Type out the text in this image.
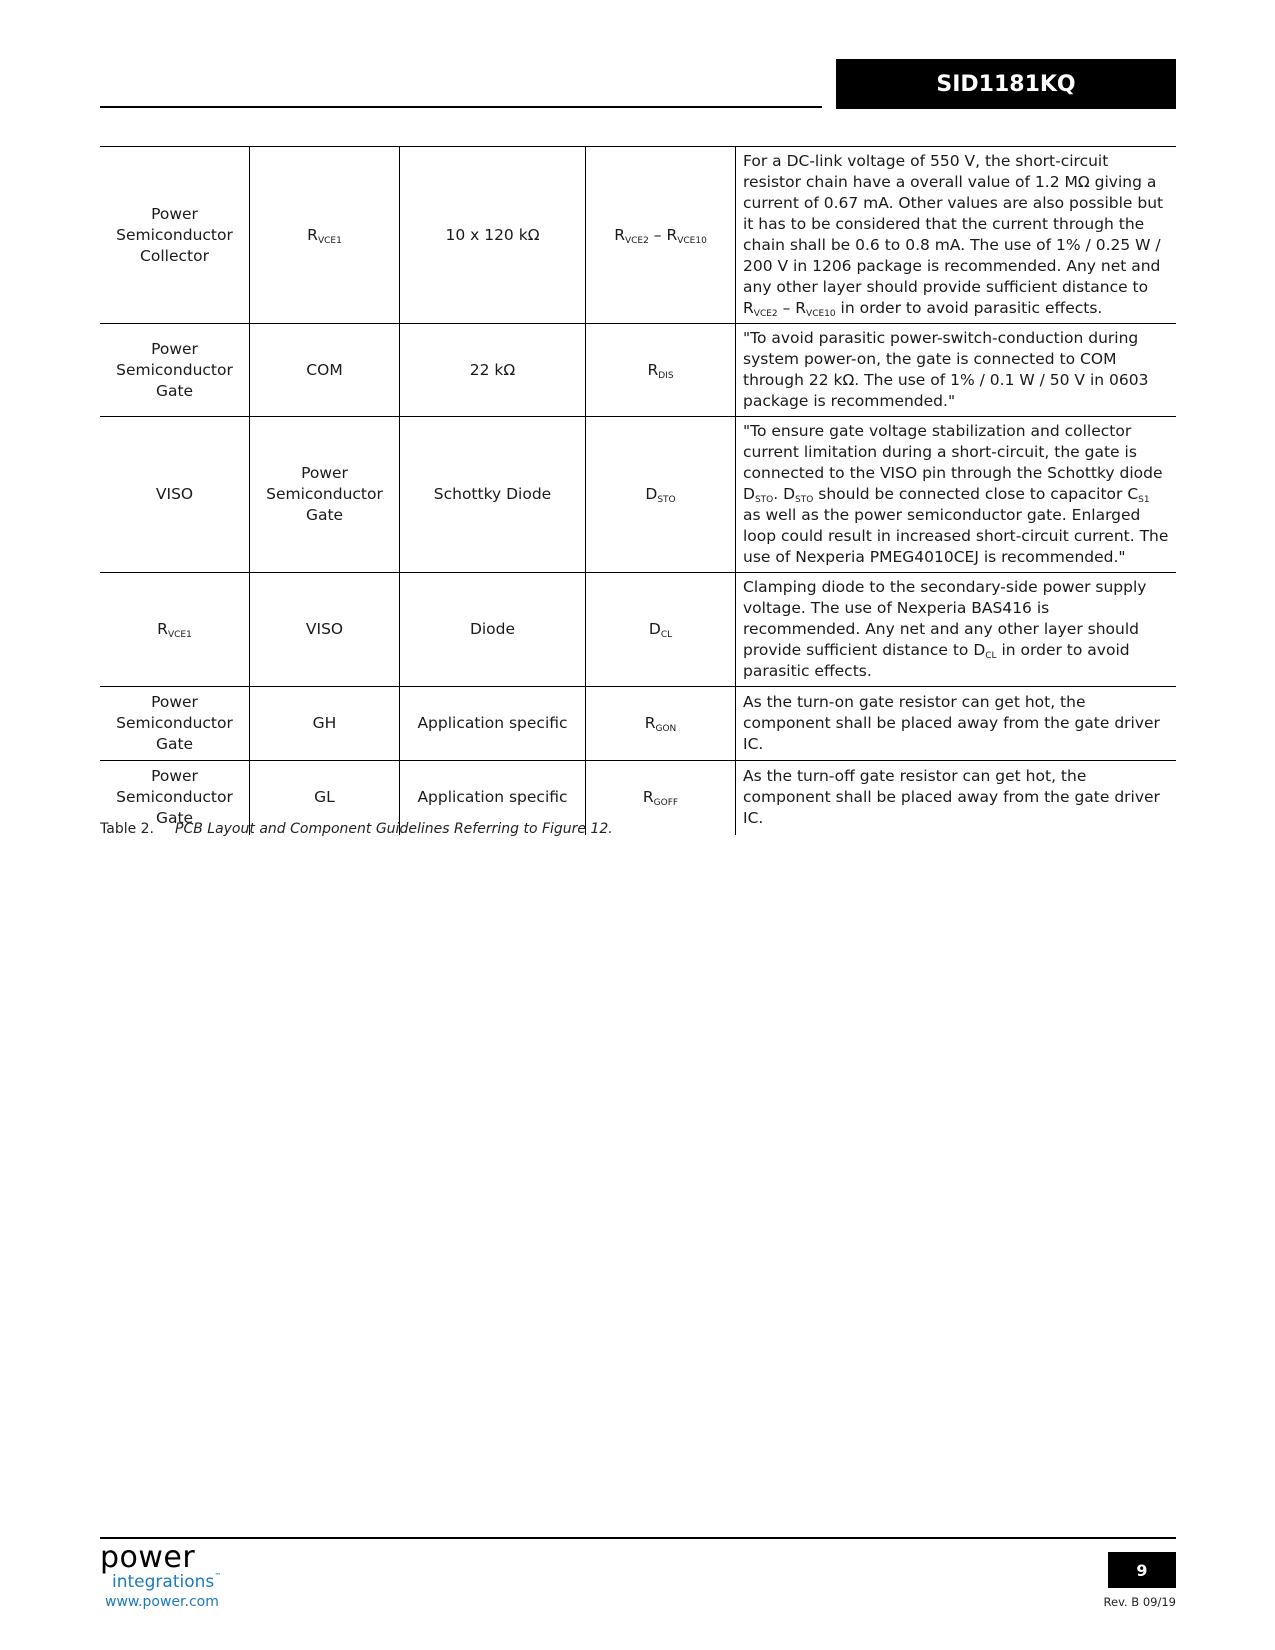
SID1181KQ
Power Semiconductor Collector	$R_{VCE1}$	10 x 120 kΩ	$R_{VCE2} - R_{VCE10}$	For a DC-link voltage of 550 V, the short-circuit resistor chain have a overall value of 1.2 MΩ giving a current of 0.67 mA. Other values are also possible but it has to be considered that the current through the chain shall be 0.6 to 0.8 mA. The use of 1% / 0.25 W / 200 V in 1206 package is recommended. Any net and any other layer should provide sufficient distance to $R_{VCE2} - R_{VCE10}$ in order to avoid parasitic effects.
Power Semiconductor Gate	COM	22 kΩ	$R_{DIS}$	"To avoid parasitic power-switch-conduction during system power-on, the gate is connected to COM through 22 kΩ. The use of 1% / 0.1 W / 50 V in 0603 package is recommended."
VISO	Power Semiconductor Gate	Schottky Diode	$D_{STO}$	"To ensure gate voltage stabilization and collector current limitation during a short-circuit, the gate is connected to the VISO pin through the Schottky diode $D_{STO}$. $D_{STO}$ should be connected close to capacitor $C_{S1}$ as well as the power semiconductor gate. Enlarged loop could result in increased short-circuit current. The use of Nexperia PMEG4010CEJ is recommended."
$R_{VCE1}$	VISO	Diode	$D_{CL}$	Clamping diode to the secondary-side power supply voltage. The use of Nexperia BAS416 is recommended. Any net and any other layer should provide sufficient distance to $D_{CL}$ in order to avoid parasitic effects.
Power Semiconductor Gate	GH	Application specific	$R_{GON}$	As the turn-on gate resistor can get hot, the component shall be placed away from the gate driver IC.
Power Semiconductor Gate	GL	Application specific	$R_{GOFF}$	As the turn-off gate resistor can get hot, the component shall be placed away from the gate driver IC.
Table 2. PCB Layout and Component Guidelines Referring to Figure 12.
power
integrations™
www.power.com
9
Rev. B 09/19
